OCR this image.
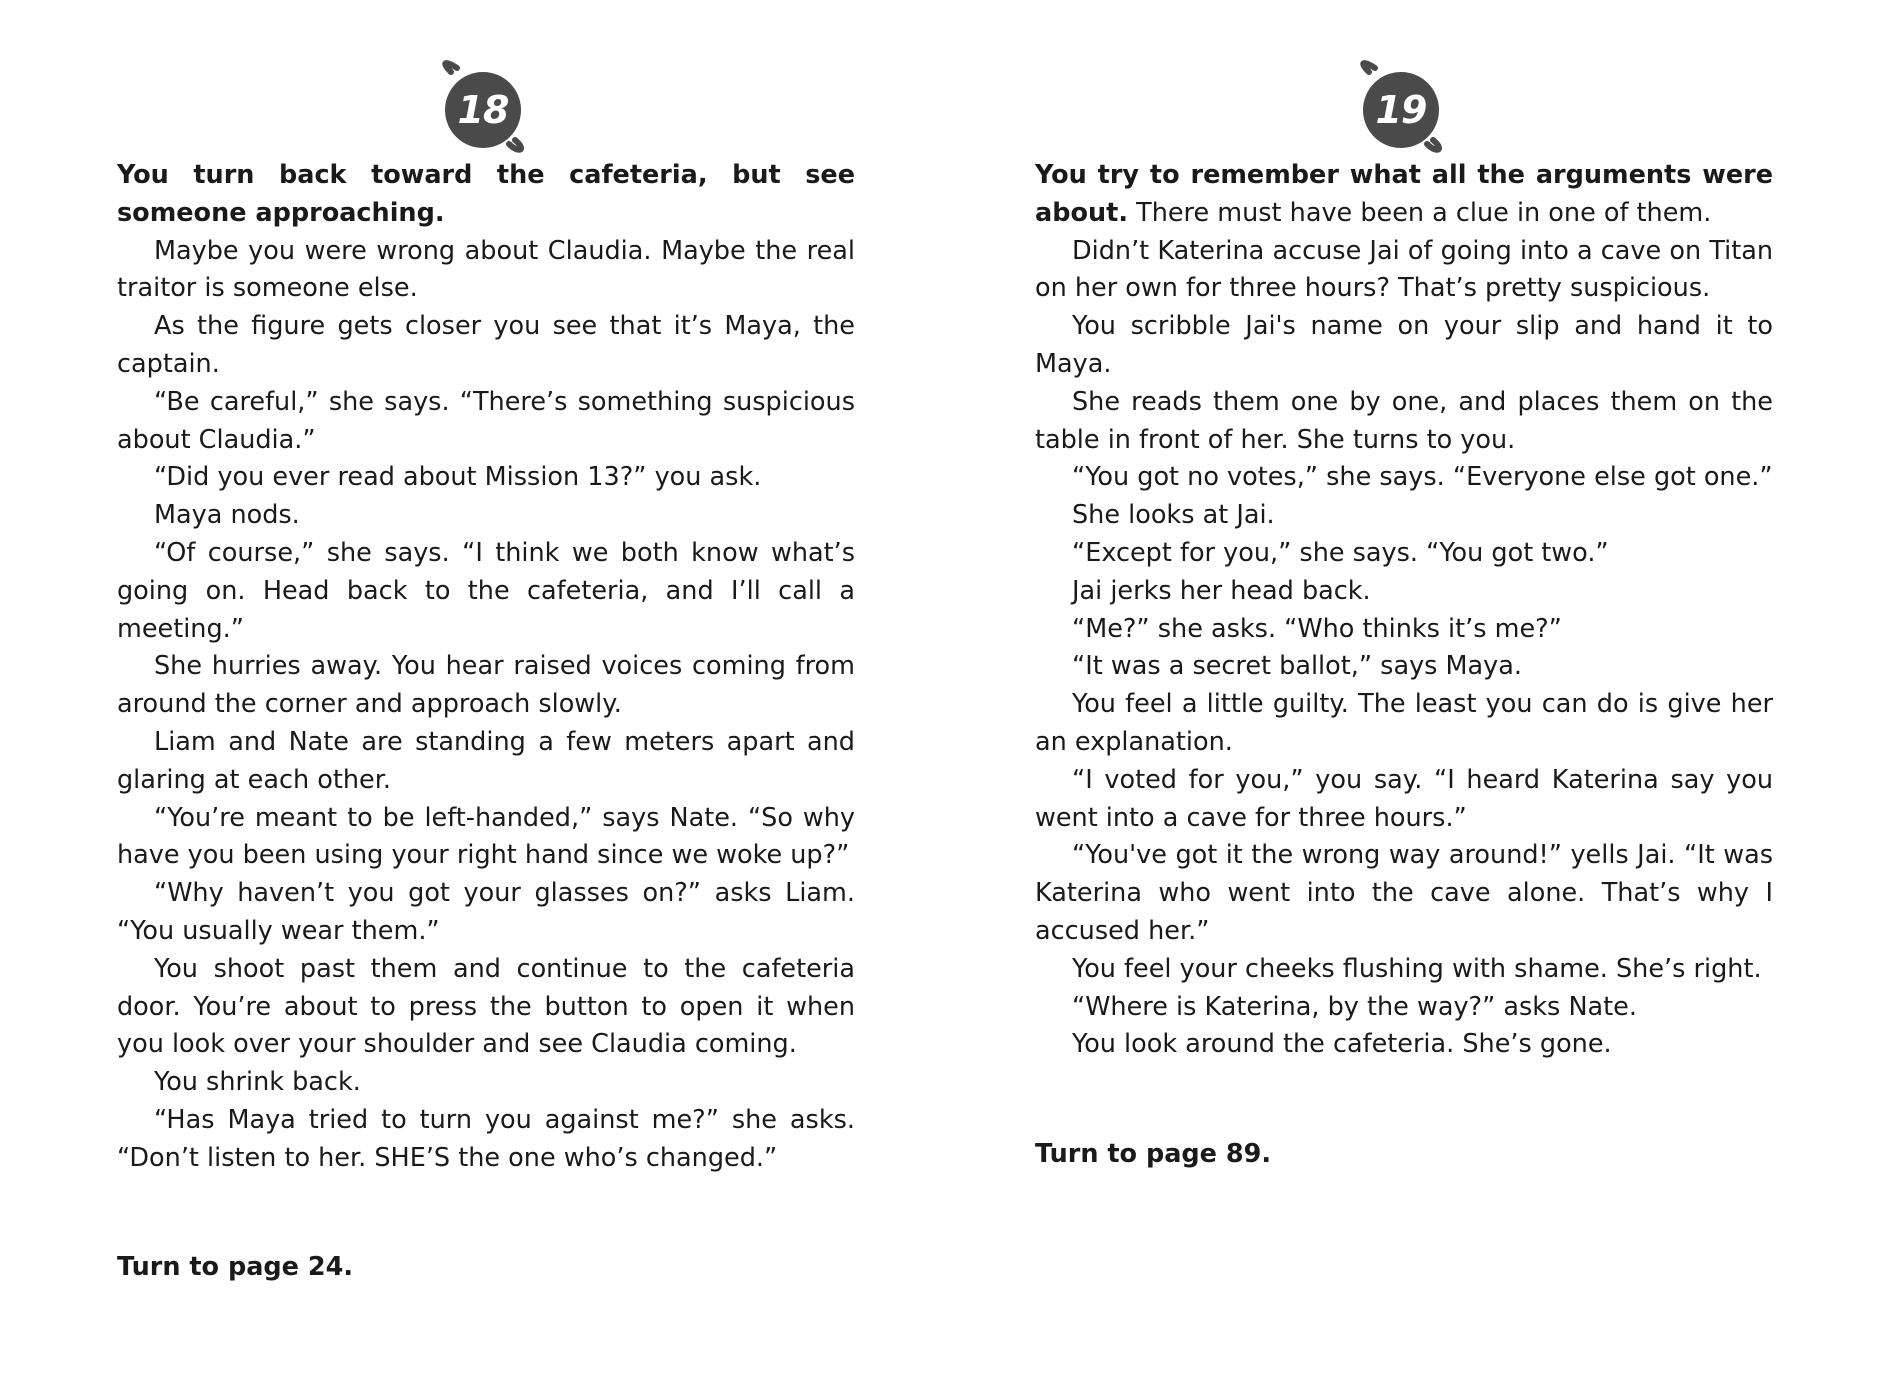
18

You turn back toward the cafeteria, but see someone approaching.

Maybe you were wrong about Claudia. Maybe the real traitor is someone else.

As the figure gets closer you see that it’s Maya, the captain.

“Be careful,” she says. “There’s something suspicious about Claudia.”

“Did you ever read about Mission 13?” you ask.

Maya nods.

“Of course,” she says. “I think we both know what’s going on. Head back to the cafeteria, and I’ll call a meeting.”

She hurries away. You hear raised voices coming from around the corner and approach slowly.

Liam and Nate are standing a few meters apart and glaring at each other.

“You’re meant to be left-handed,” says Nate. “So why have you been using your right hand since we woke up?”

“Why haven’t you got your glasses on?” asks Liam. “You usually wear them.”

You shoot past them and continue to the cafeteria door. You’re about to press the button to open it when you look over your shoulder and see Claudia coming.

You shrink back.

“Has Maya tried to turn you against me?” she asks. “Don’t listen to her. SHE’S the one who’s changed.”

Turn to page 24.
19

You try to remember what all the arguments were about. There must have been a clue in one of them.

Didn’t Katerina accuse Jai of going into a cave on Titan on her own for three hours? That’s pretty suspicious.

You scribble Jai's name on your slip and hand it to Maya.

She reads them one by one, and places them on the table in front of her. She turns to you.

“You got no votes,” she says. “Everyone else got one.”

She looks at Jai.

“Except for you,” she says. “You got two.”

Jai jerks her head back.

“Me?” she asks. “Who thinks it’s me?”

“It was a secret ballot,” says Maya.

You feel a little guilty. The least you can do is give her an explanation.

“I voted for you,” you say. “I heard Katerina say you went into a cave for three hours.”

“You've got it the wrong way around!” yells Jai. “It was Katerina who went into the cave alone. That’s why I accused her.”

You feel your cheeks flushing with shame. She’s right.

“Where is Katerina, by the way?” asks Nate.

You look around the cafeteria. She’s gone.

Turn to page 89.
